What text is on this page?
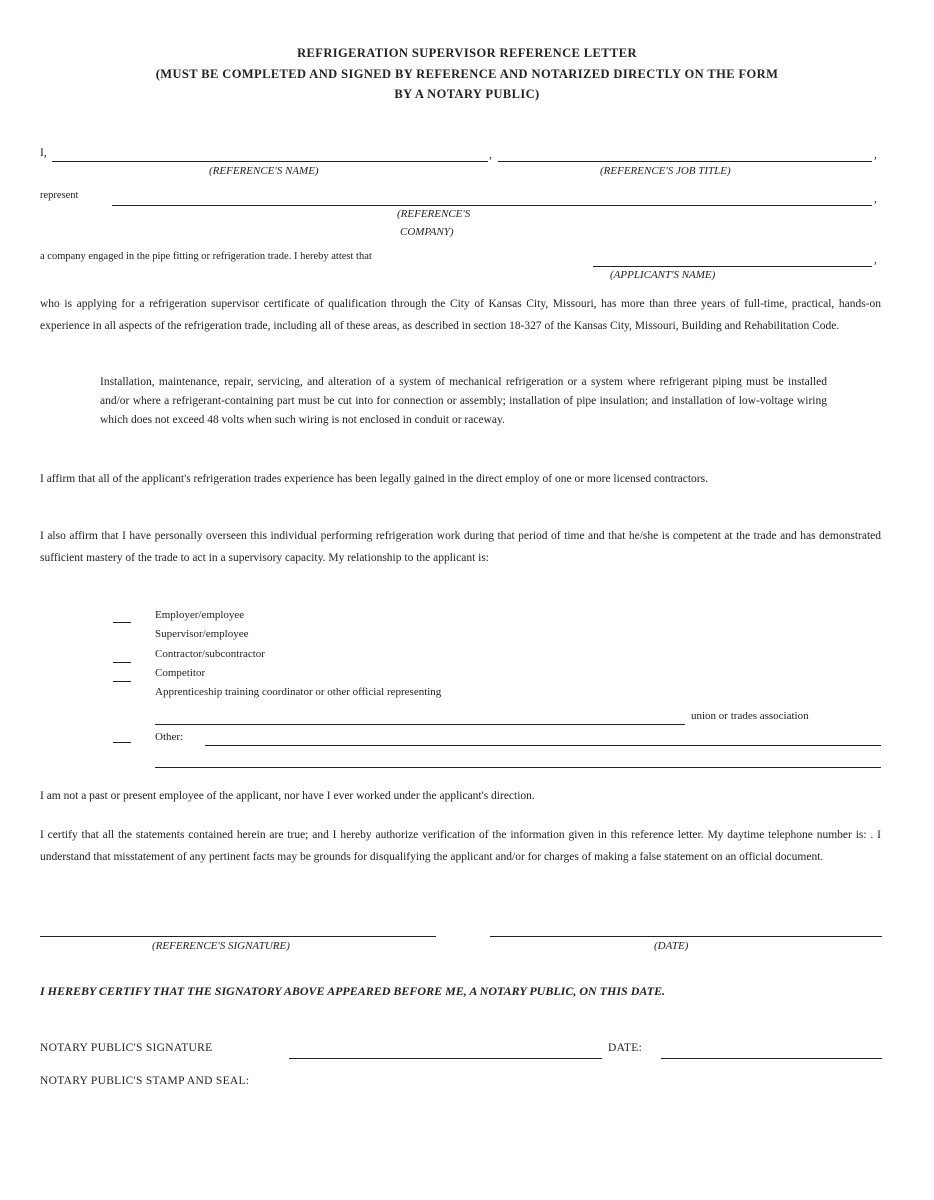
REFRIGERATION SUPERVISOR REFERENCE LETTER
(MUST BE COMPLETED AND SIGNED BY REFERENCE AND NOTARIZED DIRECTLY ON THE FORM
BY A NOTARY PUBLIC)
I,	,	,
(REFERENCE'S NAME)	(REFERENCE'S JOB TITLE)
represent	,
(REFERENCE'S
COMPANY)
a company engaged in the pipe fitting or refrigeration trade. I hereby attest that	,
(APPLICANT'S NAME)
who is applying for a refrigeration supervisor certificate of qualification through the City of Kansas City, Missouri, has more than three years of full-time, practical, hands-on experience in all aspects of the refrigeration trade, including all of these areas, as described in section 18-327 of the Kansas City, Missouri, Building and Rehabilitation Code.
Installation, maintenance, repair, servicing, and alteration of a system of mechanical refrigeration or a system where refrigerant piping must be installed and/or where a refrigerant-containing part must be cut into for connection or assembly; installation of pipe insulation; and installation of low-voltage wiring which does not exceed 48 volts when such wiring is not enclosed in conduit or raceway.
I affirm that all of the applicant's refrigeration trades experience has been legally gained in the direct employ of one or more licensed contractors.
I also affirm that I have personally overseen this individual performing refrigeration work during that period of time and that he/she is competent at the trade and has demonstrated sufficient mastery of the trade to act in a supervisory capacity. My relationship to the applicant is:
Employer/employee
Supervisor/employee
Contractor/subcontractor
Competitor
Apprenticeship training coordinator or other official representing
union or trades association
Other:
I am not a past or present employee of the applicant, nor have I ever worked under the applicant's direction.
I certify that all the statements contained herein are true; and I hereby authorize verification of the information given in this reference letter. My daytime telephone number is: . I understand that misstatement of any pertinent facts may be grounds for disqualifying the applicant and/or for charges of making a false statement on an official document.
(REFERENCE'S SIGNATURE)	(DATE)
I HEREBY CERTIFY THAT THE SIGNATORY ABOVE APPEARED BEFORE ME, A NOTARY PUBLIC, ON THIS DATE.
NOTARY PUBLIC'S SIGNATURE	DATE:
NOTARY PUBLIC'S STAMP AND SEAL:
